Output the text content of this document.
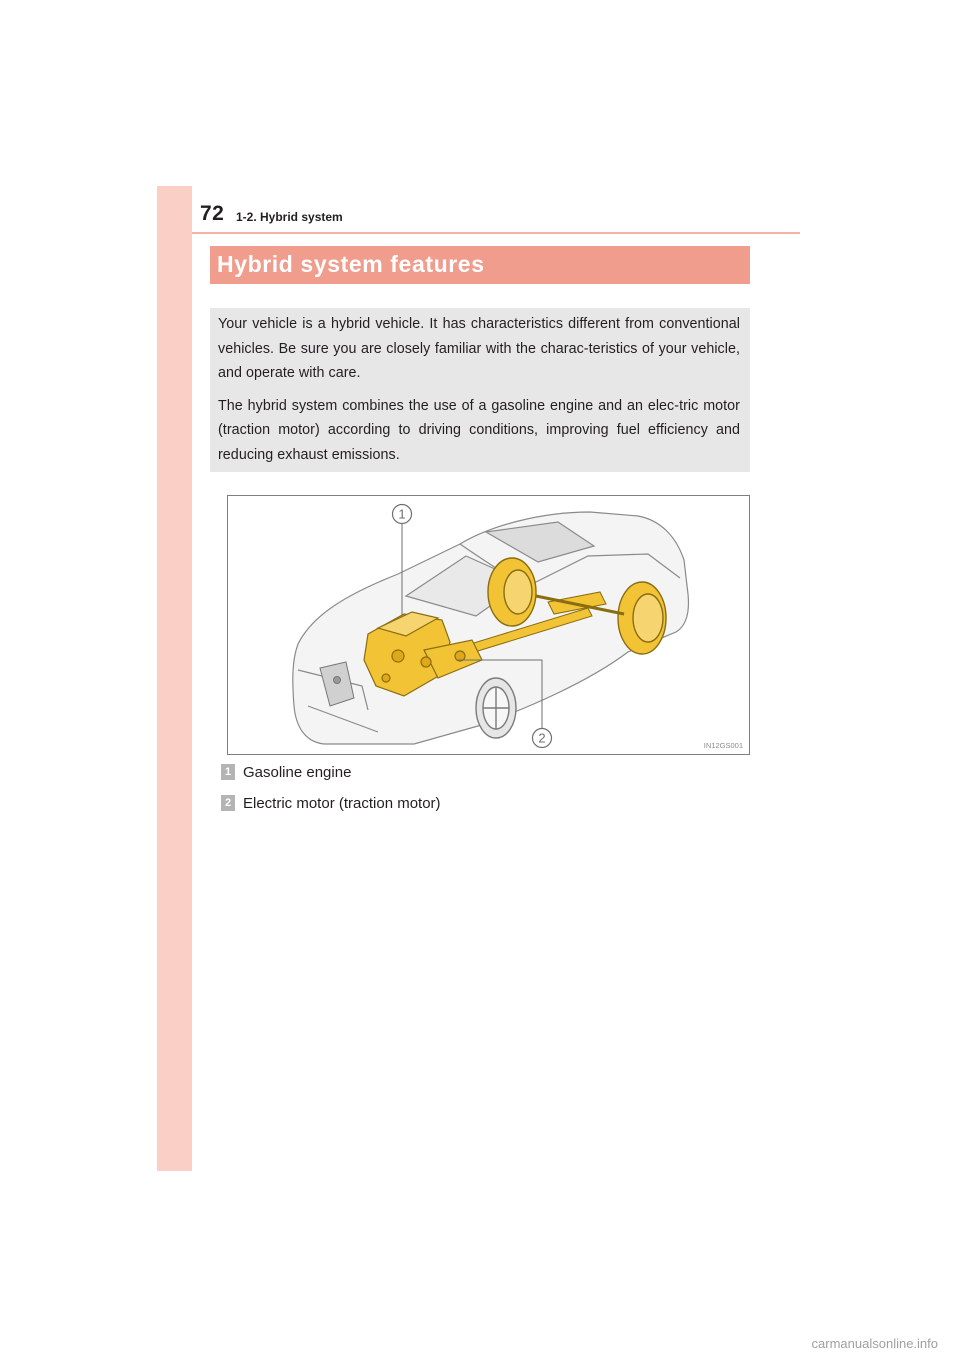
72 1-2. Hybrid system
Hybrid system features

Your vehicle is a hybrid vehicle. It has characteristics different from conventional vehicles. Be sure you are closely familiar with the charac-teristics of your vehicle, and operate with care.

The hybrid system combines the use of a gasoline engine and an elec-tric motor (traction motor) according to driving conditions, improving fuel efficiency and reducing exhaust emissions.

1
2	IN12GS001
1 Gasoline engine
2 Electric motor (traction motor)
carmanualsonline.info
